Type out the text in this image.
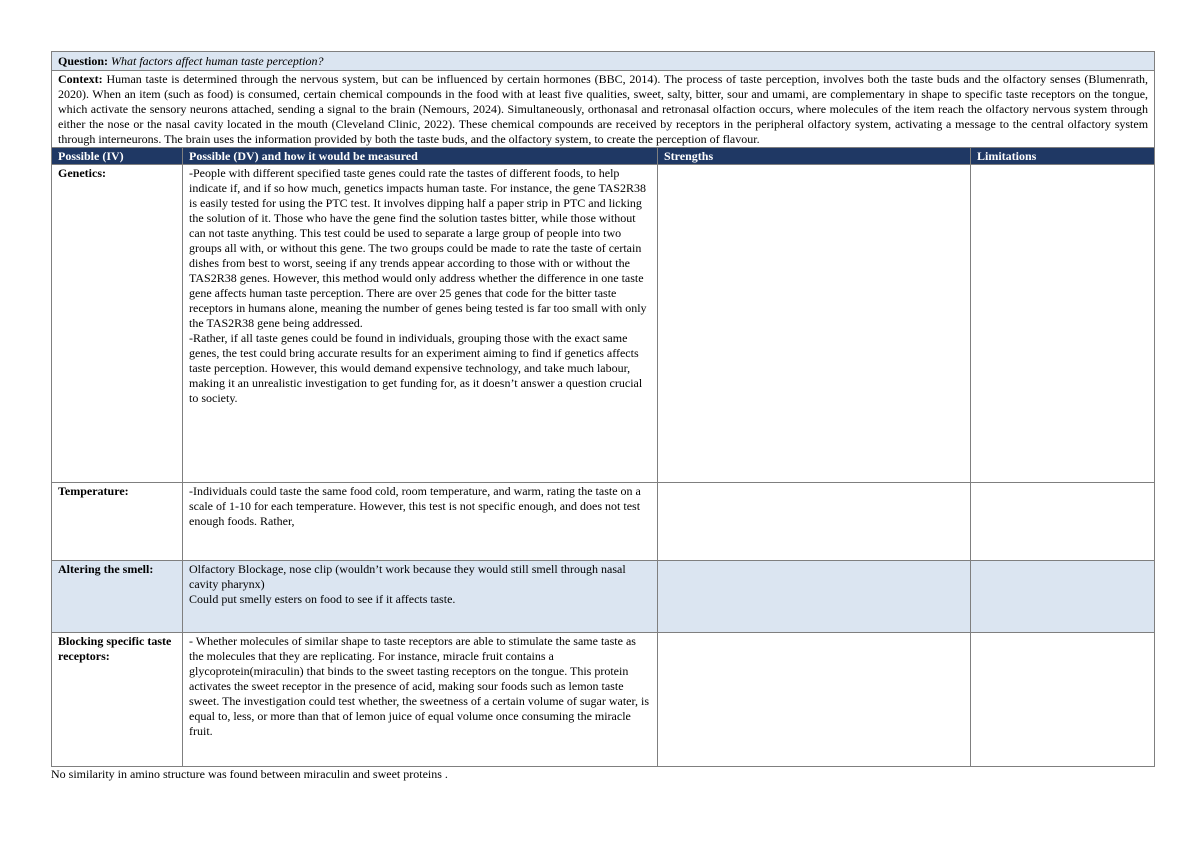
Question: What factors affect human taste perception?			
Context: Human taste is determined through the nervous system, but can be influenced by certain hormones (BBC, 2014). The process of taste perception, involves both the taste buds and the olfactory senses (Blumenrath, 2020). When an item (such as food) is consumed, certain chemical compounds in the food with at least five qualities, sweet, salty, bitter, sour and umami, are complementary in shape to specific taste receptors on the tongue, which activate the sensory neurons attached, sending a signal to the brain (Nemours, 2024). Simultaneously, orthonasal and retronasal olfaction occurs, where molecules of the item reach the olfactory nervous system through either the nose or the nasal cavity located in the mouth (Cleveland Clinic, 2022). These chemical compounds are received by receptors in the peripheral olfactory system, activating a message to the central olfactory system through interneurons. The brain uses the information provided by both the taste buds, and the olfactory system, to create the perception of flavour.			
Possible (IV)	Possible (DV) and how it would be measured	Strengths	Limitations
Genetics:	-People with different specified taste genes could rate the tastes of different foods, to help indicate if, and if so how much, genetics impacts human taste. For instance, the gene TAS2R38 is easily tested for using the PTC test. It involves dipping half a paper strip in PTC and licking the solution of it. Those who have the gene find the solution tastes bitter, while those without can not taste anything. This test could be used to separate a large group of people into two groups all with, or without this gene. The two groups could be made to rate the taste of certain dishes from best to worst, seeing if any trends appear according to those with or without the TAS2R38 genes. However, this method would only address whether the difference in one taste gene affects human taste perception. There are over 25 genes that code for the bitter taste receptors in humans alone, meaning the number of genes being tested is far too small with only the TAS2R38 gene being addressed.
-Rather, if all taste genes could be found in individuals, grouping those with the exact same genes, the test could bring accurate results for an experiment aiming to find if genetics affects taste perception. However, this would demand expensive technology, and take much labour, making it an unrealistic investigation to get funding for, as it doesn’t answer a question crucial to society.		
Temperature:	-Individuals could taste the same food cold, room temperature, and warm, rating the taste on a scale of 1-10 for each temperature. However, this test is not specific enough, and does not test enough foods. Rather,		
Altering the smell:	Olfactory Blockage, nose clip (wouldn’t work because they would still smell through nasal cavity pharynx)
Could put smelly esters on food to see if it affects taste.		
Blocking specific taste receptors:	- Whether molecules of similar shape to taste receptors are able to stimulate the same taste as the molecules that they are replicating. For instance, miracle fruit contains a glycoprotein(miraculin) that binds to the sweet tasting receptors on the tongue. This protein activates the sweet receptor in the presence of acid, making sour foods such as lemon taste sweet. The investigation could test whether, the sweetness of a certain volume of sugar water, is equal to, less, or more than that of lemon juice of equal volume once consuming the miracle fruit.		
No similarity in amino structure was found between miraculin and sweet proteins .
